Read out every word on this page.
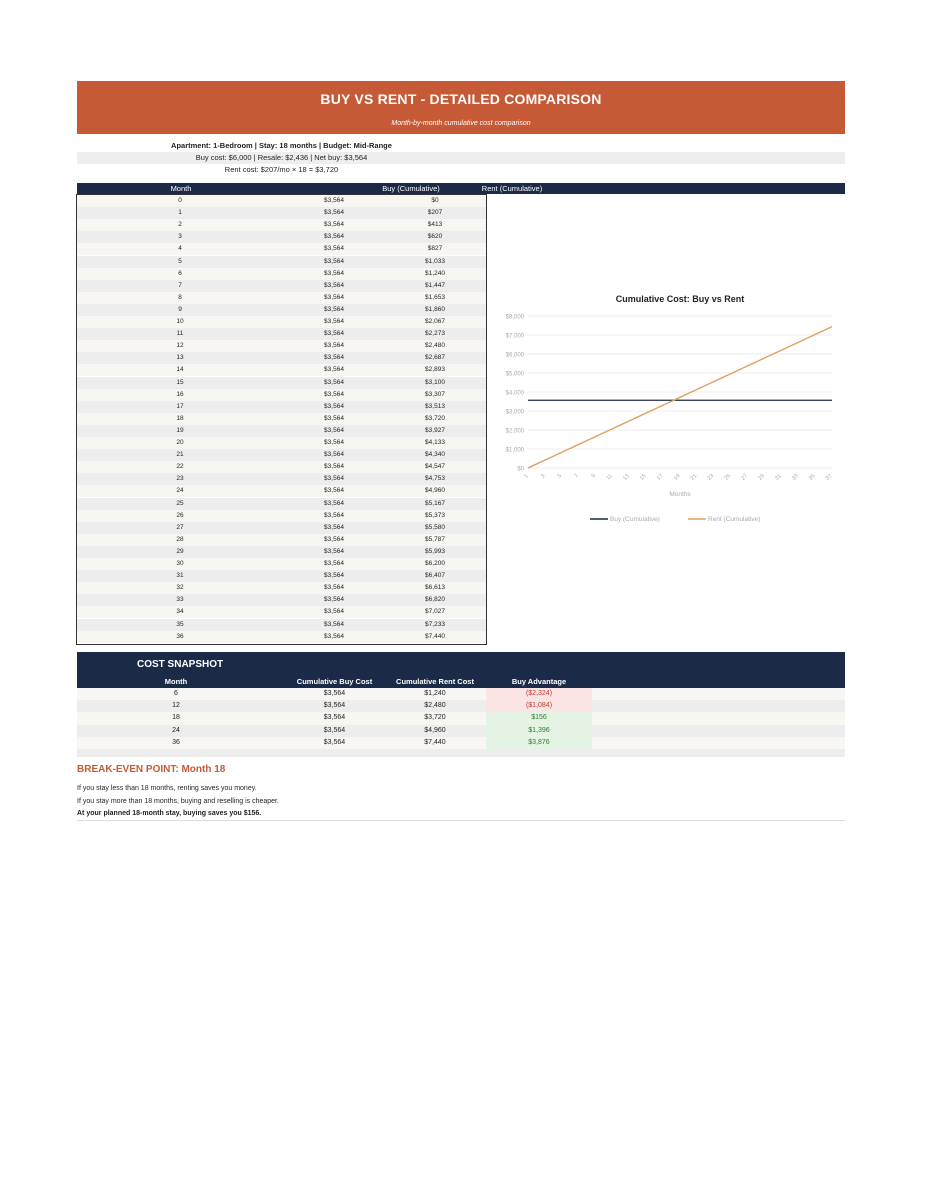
BUY VS RENT - DETAILED COMPARISON
Month-by-month cumulative cost comparison
Apartment: 1-Bedroom | Stay: 18 months | Budget: Mid-Range
Buy cost: $6,000 | Resale: $2,436 | Net buy: $3,564
Rent cost: $207/mo × 18 = $3,720
Month	Buy (Cumulative)	Rent (Cumulative)
0	$3,564	$0
1	$3,564	$207
2	$3,564	$413
3	$3,564	$620
4	$3,564	$827
5	$3,564	$1,033
6	$3,564	$1,240
7	$3,564	$1,447
8	$3,564	$1,653
9	$3,564	$1,860
10	$3,564	$2,067
11	$3,564	$2,273
12	$3,564	$2,480
13	$3,564	$2,687
14	$3,564	$2,893
15	$3,564	$3,100
16	$3,564	$3,307
17	$3,564	$3,513
18	$3,564	$3,720
19	$3,564	$3,927
20	$3,564	$4,133
21	$3,564	$4,340
22	$3,564	$4,547
23	$3,564	$4,753
24	$3,564	$4,960
25	$3,564	$5,167
26	$3,564	$5,373
27	$3,564	$5,580
28	$3,564	$5,787
29	$3,564	$5,993
30	$3,564	$6,200
31	$3,564	$6,407
32	$3,564	$6,613
33	$3,564	$6,820
34	$3,564	$7,027
35	$3,564	$7,233
36	$3,564	$7,440
Cumulative Cost: Buy vs Rent
$0
$1,000
$2,000
$3,000
$4,000
$5,000
$6,000
$7,000
$8,000
1 3 5 7 9 11 13 15 17 19 21 23 25 27 29 31 33 35 37
Months
Buy (Cumulative)	Rent (Cumulative)
COST SNAPSHOT
Month	Cumulative Buy Cost	Cumulative Rent Cost	Buy Advantage
6	$3,564	$1,240	($2,324)
12	$3,564	$2,480	($1,084)
18	$3,564	$3,720	$156
24	$3,564	$4,960	$1,396
36	$3,564	$7,440	$3,876
BREAK-EVEN POINT: Month 18
If you stay less than 18 months, renting saves you money.
If you stay more than 18 months, buying and reselling is cheaper.
At your planned 18-month stay, buying saves you $156.
